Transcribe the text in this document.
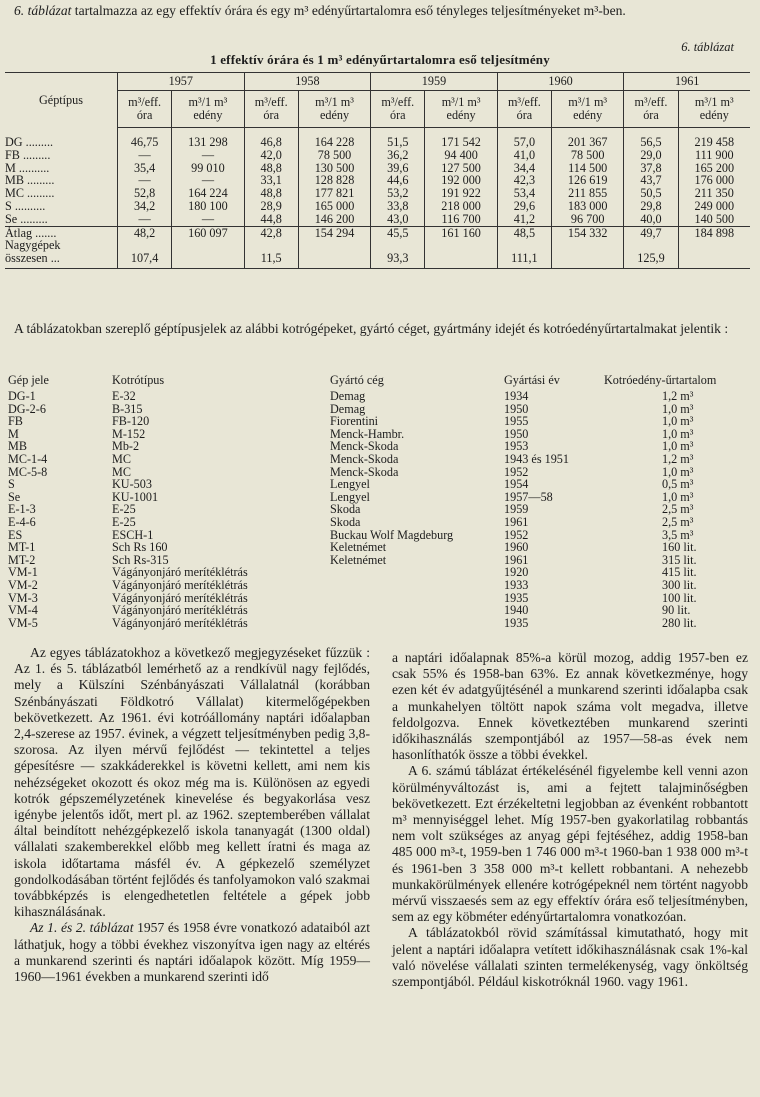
6. táblázat tartalmazza az egy effektív órára és egy m³ edényűrtartalomra eső tényleges teljesítményeket m³-ben.
6. táblázat
1 effektív órára és 1 m³ edényűrtartalomra eső teljesítmény
Géptípus	1957		1958		1959		1960		1961	
	m³/eff. óra	m³/1 m³ edény	m³/eff. óra	m³/1 m³ edény	m³/eff. óra	m³/1 m³ edény	m³/eff. óra	m³/1 m³ edény	m³/eff. óra	m³/1 m³ edény
DG .........	46,75	131 298	46,8	164 228	51,5	171 542	57,0	201 367	56,5	219 458
FB .........	—	—	42,0	78 500	36,2	94 400	41,0	78 500	29,0	111 900
M ..........	35,4	99 010	48,8	130 500	39,6	127 500	34,4	114 500	37,8	165 200
MB .........	—	—	33,1	128 828	44,6	192 000	42,3	126 619	43,7	176 000
MC .........	52,8	164 224	48,8	177 821	53,2	191 922	53,4	211 855	50,5	211 350
S ..........	34,2	180 100	28,9	165 000	33,8	218 000	29,6	183 000	29,8	249 000
Se .........	—	—	44,8	146 200	43,0	116 700	41,2	96 700	40,0	140 500
Átlag .......	48,2	160 097	42,8	154 294	45,5	161 160	48,5	154 332	49,7	184 898
Nagygépek										
összesen ...	107,4		11,5		93,3		111,1		125,9	
A táblázatokban szereplő géptípusjelek az alábbi kotrógépeket, gyártó céget, gyártmány idejét és kotróedényűrtartalmakat jelentik :
Gép jele	Kotrótípus	Gyártó cég	Gyártási év	Kotróedény-űrtartalom
DG-1	E-32	Demag	1934	1,2 m³
DG-2-6	B-315	Demag	1950	1,0 m³
FB	FB-120	Fiorentini	1955	1,0 m³
M	M-152	Menck-Hambr.	1950	1,0 m³
MB	Mb-2	Menck-Skoda	1953	1,0 m³
MC-1-4	MC	Menck-Skoda	1943 és 1951	1,2 m³
MC-5-8	MC	Menck-Skoda	1952	1,0 m³
S	KU-503	Lengyel	1954	0,5 m³
Se	KU-1001	Lengyel	1957—58	1,0 m³
E-1-3	E-25	Skoda	1959	2,5 m³
E-4-6	E-25	Skoda	1961	2,5 m³
ES	ESCH-1	Buckau Wolf Magdeburg	1952	3,5 m³
MT-1	Sch Rs 160	Keletnémet	1960	160 lit.
MT-2	Sch Rs-315	Keletnémet	1961	315 lit.
VM-1	Vágányonjáró merítéklétrás		1920	415 lit.
VM-2	Vágányonjáró merítéklétrás		1933	300 lit.
VM-3	Vágányonjáró merítéklétrás		1935	100 lit.
VM-4	Vágányonjáró merítéklétrás		1940	90 lit.
VM-5	Vágányonjáró merítéklétrás		1935	280 lit.

Az egyes táblázatokhoz a következő megjegyzéseket fűzzük : Az 1. és 5. táblázatból lemérhető az a rendkívül nagy fejlődés, mely a Külszíni Szénbányászati Vállalatnál (korábban Szénbányászati Földkotró Vállalat) kitermelőgépekben bekövetkezett. Az 1961. évi kotróállomány naptári időalapban 2,4-szerese az 1957. évinek, a végzett teljesítményben pedig 3,8-szorosa. Az ilyen mérvű fejlődést — tekintettel a teljes gépesítésre — szakkáderekkel is követni kellett, ami nem kis nehézségeket okozott és okoz még ma is. Különösen az egyedi kotrók gépszemélyzetének kinevelése és begyakorlása vesz igénybe jelentős időt, mert pl. az 1962. szeptemberében vállalat által beindított nehézgépkezelő iskola tananyagát (1300 oldal) vállalati szakemberekkel előbb meg kellett íratni és maga az iskola időtartama másfél év. A gépkezelő személyzet gondolkodásában történt fejlődés és tanfolyamokon való szakmai továbbképzés is elengedhetetlen feltétele a gépek jobb kihasználásának.

Az 1. és 2. táblázat 1957 és 1958 évre vonatkozó adataiból azt láthatjuk, hogy a többi évekhez viszonyítva igen nagy az eltérés a munkarend szerinti és naptári időalapok között. Míg 1959—1960—1961 években a munkarend szerinti idő

a naptári időalapnak 85%-a körül mozog, addig 1957-ben ez csak 55% és 1958-ban 63%. Ez annak következménye, hogy ezen két év adatgyűjtésénél a munkarend szerinti időalapba csak a munkahelyen töltött napok száma volt megadva, illetve feldolgozva. Ennek következtében munkarend szerinti időkihasználás szempontjából az 1957—58-as évek nem hasonlíthatók össze a többi évekkel.

A 6. számú táblázat értékelésénél figyelembe kell venni azon körülményváltozást is, ami a fejtett talajminőségben bekövetkezett. Ezt érzékeltetni legjobban az évenként robbantott m³ mennyiséggel lehet. Míg 1957-ben gyakorlatilag robbantás nem volt szükséges az anyag gépi fejtéséhez, addig 1958-ban 485 000 m³-t, 1959-ben 1 746 000 m³-t 1960-ban 1 938 000 m³-t és 1961-ben 3 358 000 m³-t kellett robbantani. A nehezebb munkakörülmények ellenére kotrógépeknél nem történt nagyobb mérvű visszaesés sem az egy effektív órára eső teljesítményben, sem az egy köbméter edényűrtartalomra vonatkozóan.

A táblázatokból rövid számítással kimutatható, hogy mit jelent a naptári időalapra vetített időkihasználásnak csak 1%-kal való növelése vállalati szinten termelékenység, vagy önköltség szempontjából. Például kiskotróknál 1960. vagy 1961.
